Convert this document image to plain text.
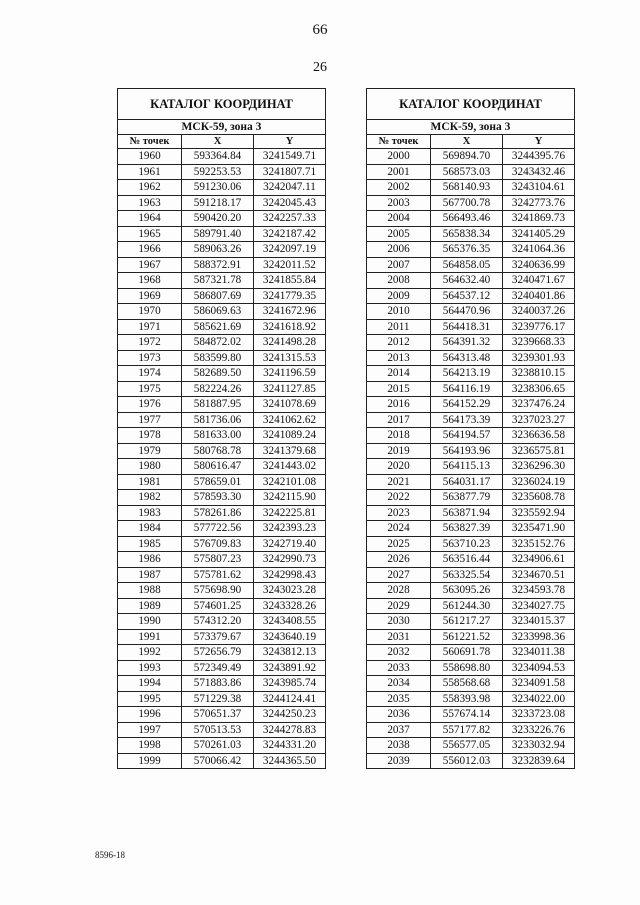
66
26
КАТАЛОГ КООРДИНАТ		
МСК-59, зона 3		
№ точек	X	Y
1960	593364.84	3241549.71
1961	592253.53	3241807.71
1962	591230.06	3242047.11
1963	591218.17	3242045.43
1964	590420.20	3242257.33
1965	589791.40	3242187.42
1966	589063.26	3242097.19
1967	588372.91	3242011.52
1968	587321.78	3241855.84
1969	586807.69	3241779.35
1970	586069.63	3241672.96
1971	585621.69	3241618.92
1972	584872.02	3241498.28
1973	583599.80	3241315.53
1974	582689.50	3241196.59
1975	582224.26	3241127.85
1976	581887.95	3241078.69
1977	581736.06	3241062.62
1978	581633.00	3241089.24
1979	580768.78	3241379.68
1980	580616.47	3241443.02
1981	578659.01	3242101.08
1982	578593.30	3242115.90
1983	578261.86	3242225.81
1984	577722.56	3242393.23
1985	576709.83	3242719.40
1986	575807.23	3242990.73
1987	575781.62	3242998.43
1988	575698.90	3243023.28
1989	574601.25	3243328.26
1990	574312.20	3243408.55
1991	573379.67	3243640.19
1992	572656.79	3243812.13
1993	572349.49	3243891.92
1994	571883.86	3243985.74
1995	571229.38	3244124.41
1996	570651.37	3244250.23
1997	570513.53	3244278.83
1998	570261.03	3244331.20
1999	570066.42	3244365.50
КАТАЛОГ КООРДИНАТ		
МСК-59, зона 3		
№ точек	X	Y
2000	569894.70	3244395.76
2001	568573.03	3243432.46
2002	568140.93	3243104.61
2003	567700.78	3242773.76
2004	566493.46	3241869.73
2005	565838.34	3241405.29
2006	565376.35	3241064.36
2007	564858.05	3240636.99
2008	564632.40	3240471.67
2009	564537.12	3240401.86
2010	564470.96	3240037.26
2011	564418.31	3239776.17
2012	564391.32	3239668.33
2013	564313.48	3239301.93
2014	564213.19	3238810.15
2015	564116.19	3238306.65
2016	564152.29	3237476.24
2017	564173.39	3237023.27
2018	564194.57	3236636.58
2019	564193.96	3236575.81
2020	564115.13	3236296.30
2021	564031.17	3236024.19
2022	563877.79	3235608.78
2023	563871.94	3235592.94
2024	563827.39	3235471.90
2025	563710.23	3235152.76
2026	563516.44	3234906.61
2027	563325.54	3234670.51
2028	563095.26	3234593.78
2029	561244.30	3234027.75
2030	561217.27	3234015.37
2031	561221.52	3233998.36
2032	560691.78	3234011.38
2033	558698.80	3234094.53
2034	558568.68	3234091.58
2035	558393.98	3234022.00
2036	557674.14	3233723.08
2037	557177.82	3233226.76
2038	556577.05	3233032.94
2039	556012.03	3232839.64
8596-18
